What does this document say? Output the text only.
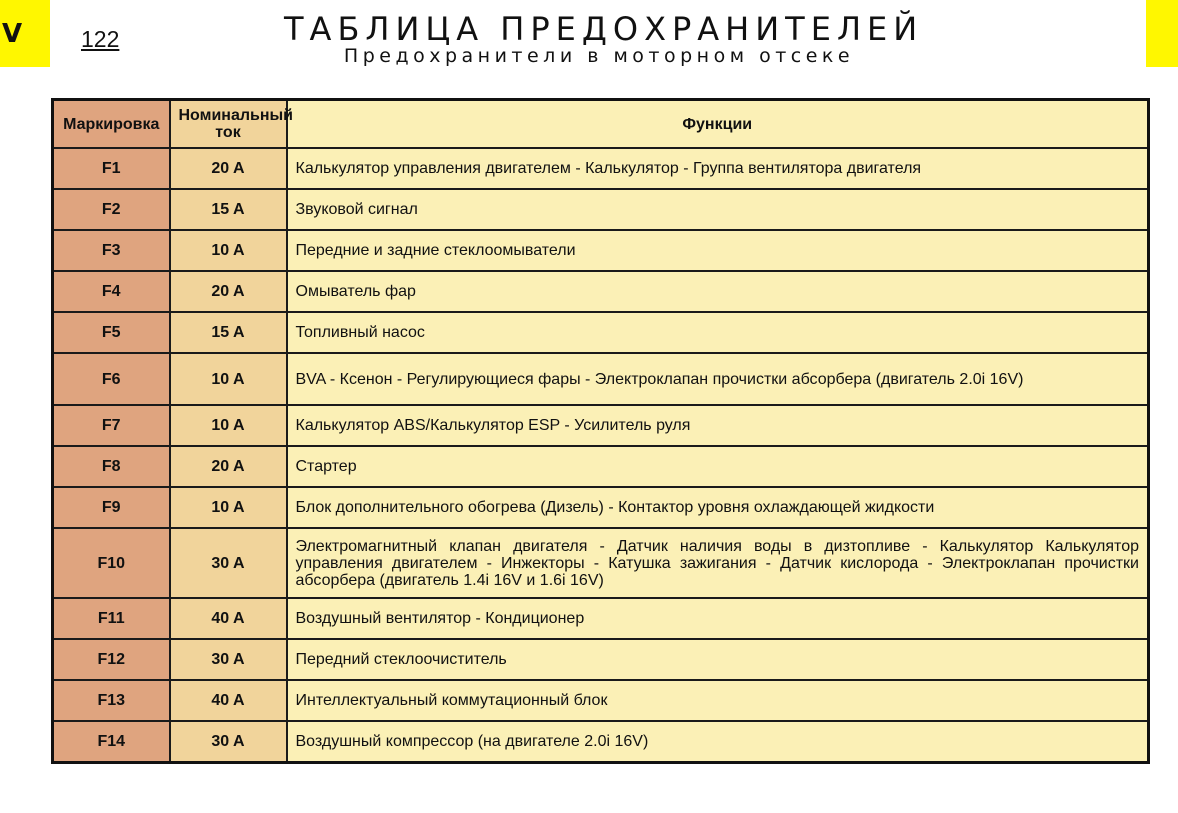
V	122	ТАБЛИЦА ПРЕДОХРАНИТЕЛЕЙ
Предохранители в моторном отсеке
Маркировка	Номинальный ток	Функции
F1	20 A	Калькулятор управления двигателем - Калькулятор - Группа вентилятора двигателя
F2	15 A	Звуковой сигнал
F3	10 A	Передние и задние стеклоомыватели
F4	20 A	Омыватель фар
F5	15 A	Топливный насос
F6	10 A	BVA - Ксенон - Регулирующиеся фары - Электроклапан прочистки абсорбера (двигатель 2.0i 16V)
F7	10 A	Калькулятор ABS/Калькулятор ESP - Усилитель руля
F8	20 A	Стартер
F9	10 A	Блок дополнительного обогрева (Дизель) - Контактор уровня охлаждающей жидкости
F10	30 A	Электромагнитный клапан двигателя - Датчик наличия воды в дизтопливе - Калькулятор Калькулятор управления двигателем - Инжекторы - Катушка зажигания - Датчик кислорода - Электроклапан прочистки абсорбера (двигатель 1.4i 16V и 1.6i 16V)
F11	40 A	Воздушный вентилятор - Кондиционер
F12	30 A	Передний стеклоочиститель
F13	40 A	Интеллектуальный коммутационный блок
F14	30 A	Воздушный компрессор (на двигателе 2.0i 16V)
